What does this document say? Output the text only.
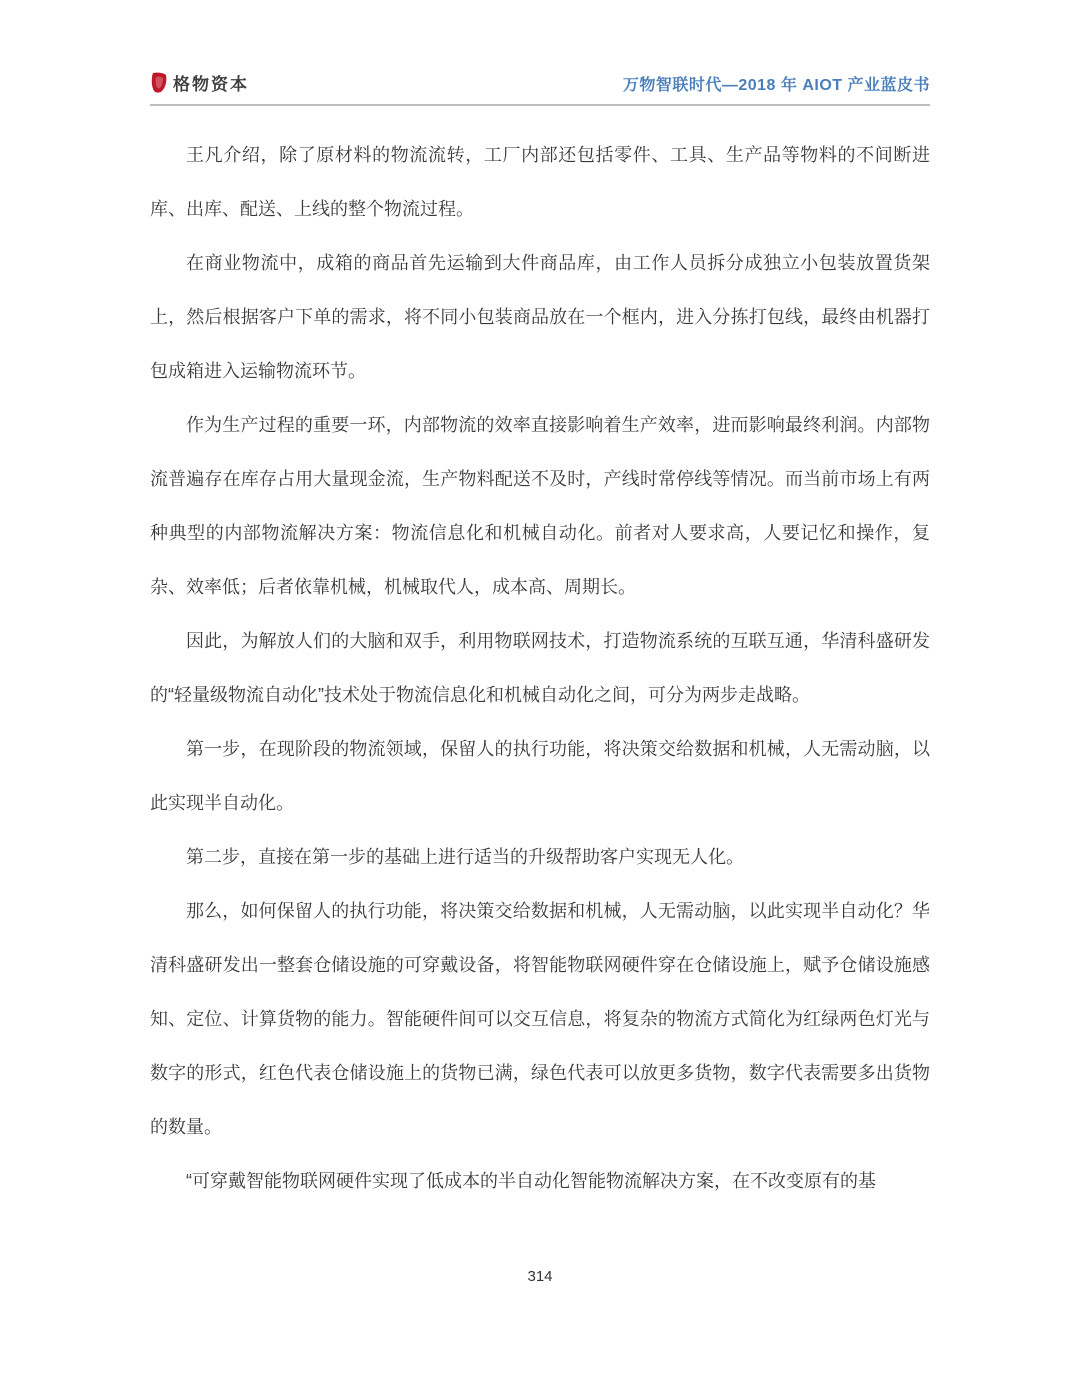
格物资本	万物智联时代—2018 年 AIOT 产业蓝皮书

王凡介绍，除了原材料的物流流转，工厂内部还包括零件、工具、生产品等物料的不间断进库、出库、配送、上线的整个物流过程。

在商业物流中，成箱的商品首先运输到大件商品库，由工作人员拆分成独立小包装放置货架上，然后根据客户下单的需求，将不同小包装商品放在一个框内，进入分拣打包线，最终由机器打包成箱进入运输物流环节。

作为生产过程的重要一环，内部物流的效率直接影响着生产效率，进而影响最终利润。内部物流普遍存在库存占用大量现金流，生产物料配送不及时，产线时常停线等情况。而当前市场上有两种典型的内部物流解决方案：物流信息化和机械自动化。前者对人要求高，人要记忆和操作，复杂、效率低；后者依靠机械，机械取代人，成本高、周期长。

因此，为解放人们的大脑和双手，利用物联网技术，打造物流系统的互联互通，华清科盛研发的“轻量级物流自动化”技术处于物流信息化和机械自动化之间，可分为两步走战略。

第一步，在现阶段的物流领域，保留人的执行功能，将决策交给数据和机械，人无需动脑，以此实现半自动化。

第二步，直接在第一步的基础上进行适当的升级帮助客户实现无人化。

那么，如何保留人的执行功能，将决策交给数据和机械，人无需动脑，以此实现半自动化？华清科盛研发出一整套仓储设施的可穿戴设备，将智能物联网硬件穿在仓储设施上，赋予仓储设施感知、定位、计算货物的能力。智能硬件间可以交互信息，将复杂的物流方式简化为红绿两色灯光与数字的形式，红色代表仓储设施上的货物已满，绿色代表可以放更多货物，数字代表需要多出货物的数量。

“可穿戴智能物联网硬件实现了低成本的半自动化智能物流解决方案，在不改变原有的基

314
